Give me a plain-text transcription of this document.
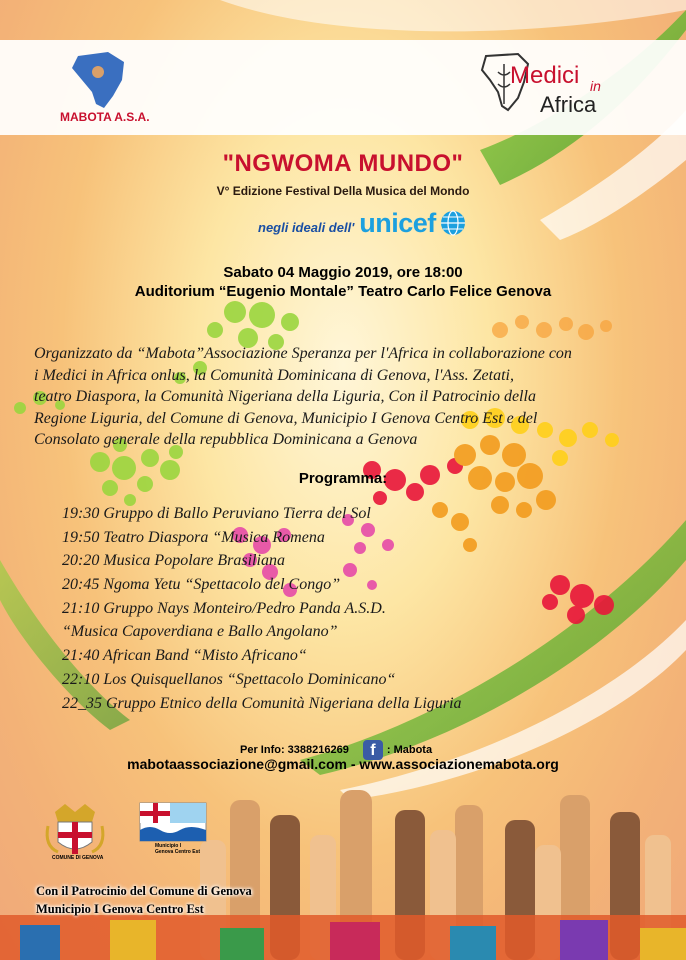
MABOTA A.S.A.

Medici in

Africa

"NGWOMA MUNDO"

V° Edizione Festival Della Musica del Mondo

negli ideali dell' unicef

Sabato 04 Maggio 2019, ore 18:00

Auditorium “Eugenio Montale” Teatro Carlo Felice Genova

Organizzato da “Mabota”Associazione Speranza per l'Africa in collaborazione con
i Medici in Africa onlus, la Comunità Dominicana di Genova, l'Ass. Zetati,
teatro Diaspora, la Comunità Nigeriana della Liguria, Con il Patrocinio della
Regione Liguria, del Comune di Genova, Municipio I Genova Centro Est e del
Consolato generale della repubblica Dominicana a Genova

Programma:

19:30 Gruppo di Ballo Peruviano Tierra del Sol
19:50 Teatro Diaspora “Musica Romena
20:20 Musica Popolare Brasiliana
20:45 Ngoma Yetu “Spettacolo del Congo”
21:10 Gruppo Nays Monteiro/Pedro Panda A.S.D.
“Musica Capoverdiana e Ballo Angolano”
21:40 African Band “Misto Africano“
22:10 Los Quisquellanos “Spettacolo Dominicano“
22_35 Gruppo Etnico della Comunità Nigeriana della Liguria
Per Info: 3388216269	f	: Mabota

mabotaassociazione@gmail.com - www.associazionemabota.org

COMUNE DI GENOVA

Municipio I

Genova Centro Est

Con il Patrocinio del Comune di Genova

Municipio I Genova Centro Est
